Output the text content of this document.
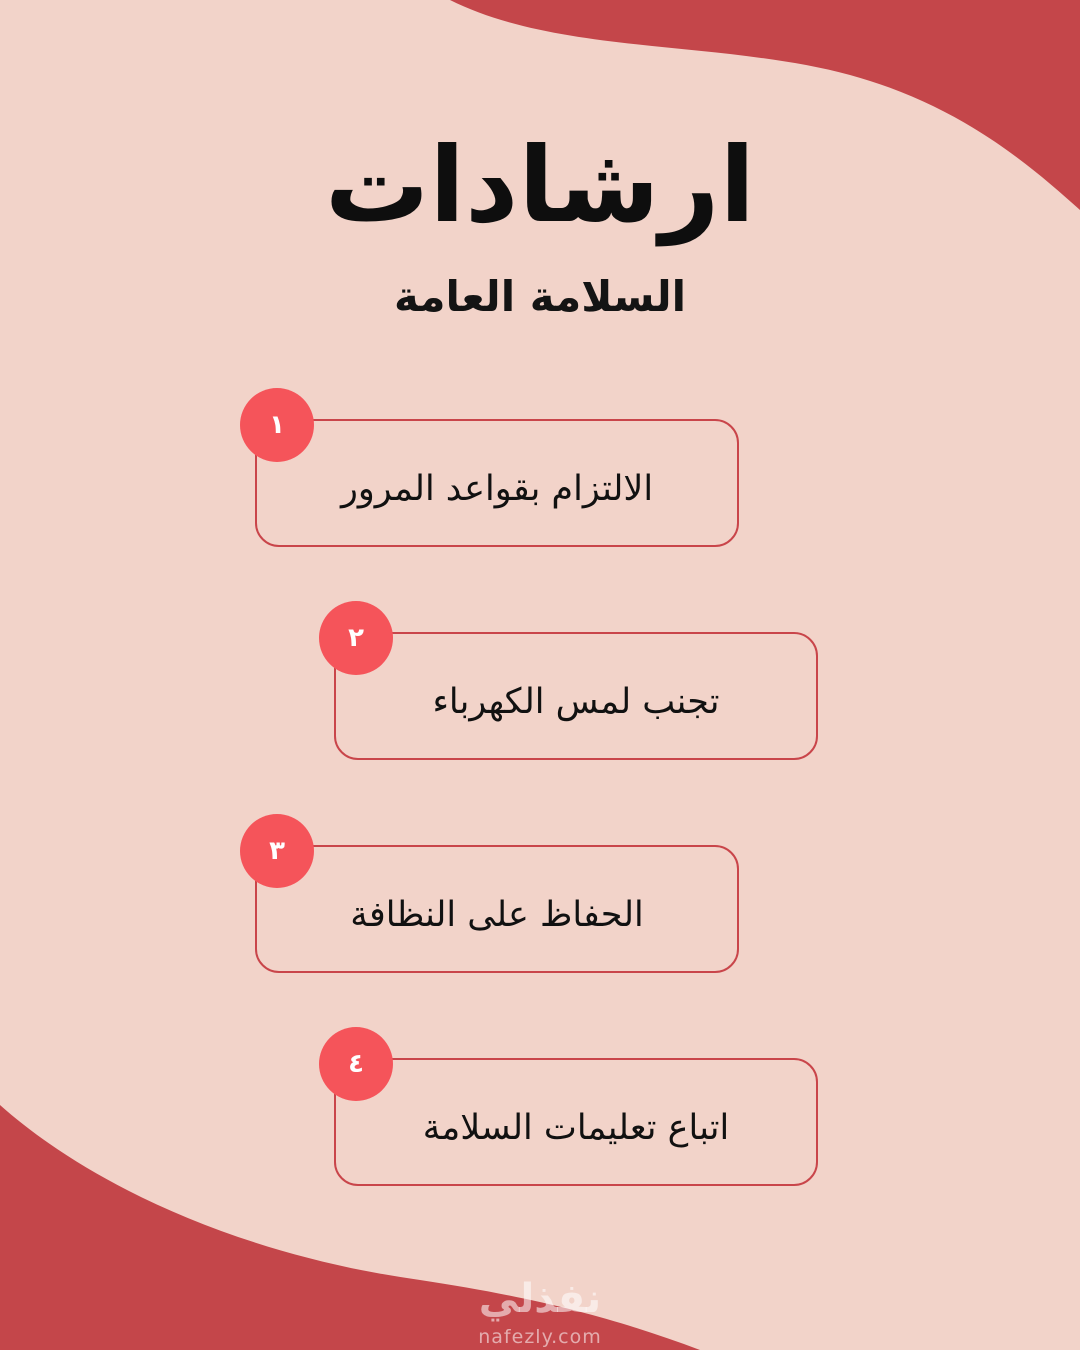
ارشادات
السلامة العامة
الالتزام بقواعد المرور
١
تجنب لمس الكهرباء
٢
الحفاظ على النظافة
٣
اتباع تعليمات السلامة
٤
نفذلي
nafezly.com
